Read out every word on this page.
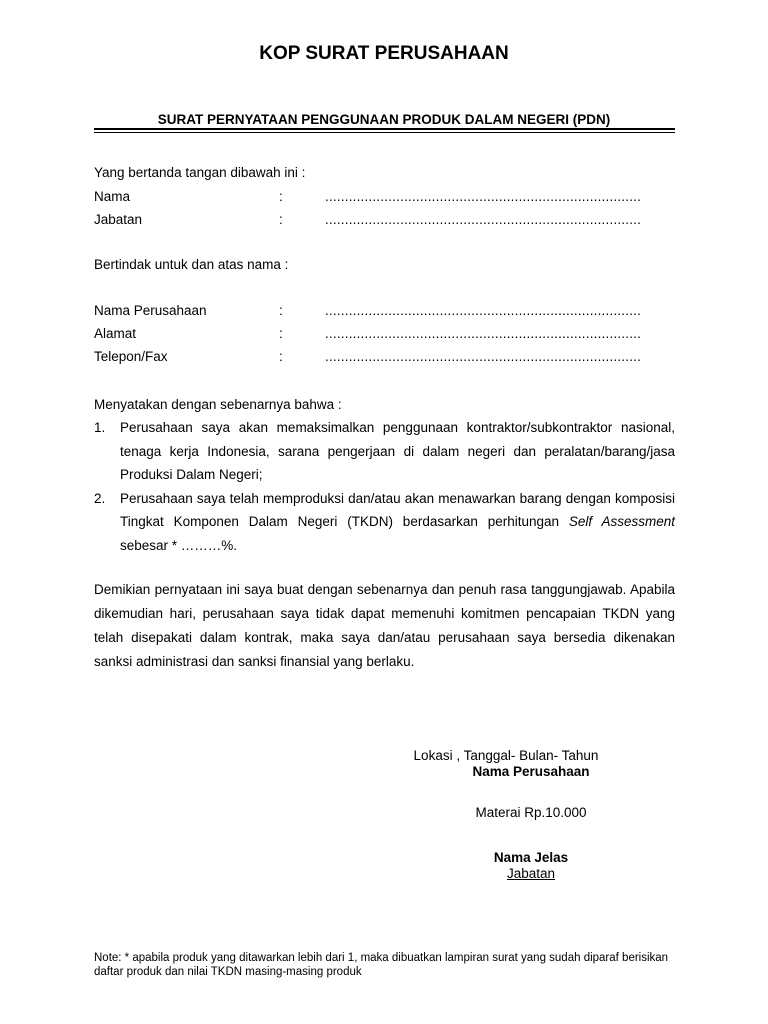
KOP SURAT PERUSAHAAN
SURAT PERNYATAAN PENGGUNAAN PRODUK DALAM NEGERI (PDN)
Yang bertanda tangan dibawah ini :
Nama	:	................................................................................
Jabatan	:	................................................................................
Bertindak untuk dan atas nama :
Nama Perusahaan	:	................................................................................
Alamat	:	................................................................................
Telepon/Fax	:	................................................................................
Menyatakan dengan sebenarnya bahwa :
1. Perusahaan saya akan memaksimalkan penggunaan kontraktor/subkontraktor nasional, tenaga kerja Indonesia, sarana pengerjaan di dalam negeri dan peralatan/barang/jasa Produksi Dalam Negeri;
2. Perusahaan saya telah memproduksi dan/atau akan menawarkan barang dengan komposisi Tingkat Komponen Dalam Negeri (TKDN) berdasarkan perhitungan Self Assessment sebesar * ………%.
Demikian pernyataan ini saya buat dengan sebenarnya dan penuh rasa tanggungjawab. Apabila dikemudian hari, perusahaan saya tidak dapat memenuhi komitmen pencapaian TKDN yang telah disepakati dalam kontrak, maka saya dan/atau perusahaan saya bersedia dikenakan sanksi administrasi dan sanksi finansial yang berlaku.
Lokasi , Tanggal- Bulan- Tahun
Nama Perusahaan
Materai Rp.10.000
Nama Jelas
Jabatan
Note: * apabila produk yang ditawarkan lebih dari 1, maka dibuatkan lampiran surat yang sudah diparaf berisikan daftar produk dan nilai TKDN masing-masing produk
